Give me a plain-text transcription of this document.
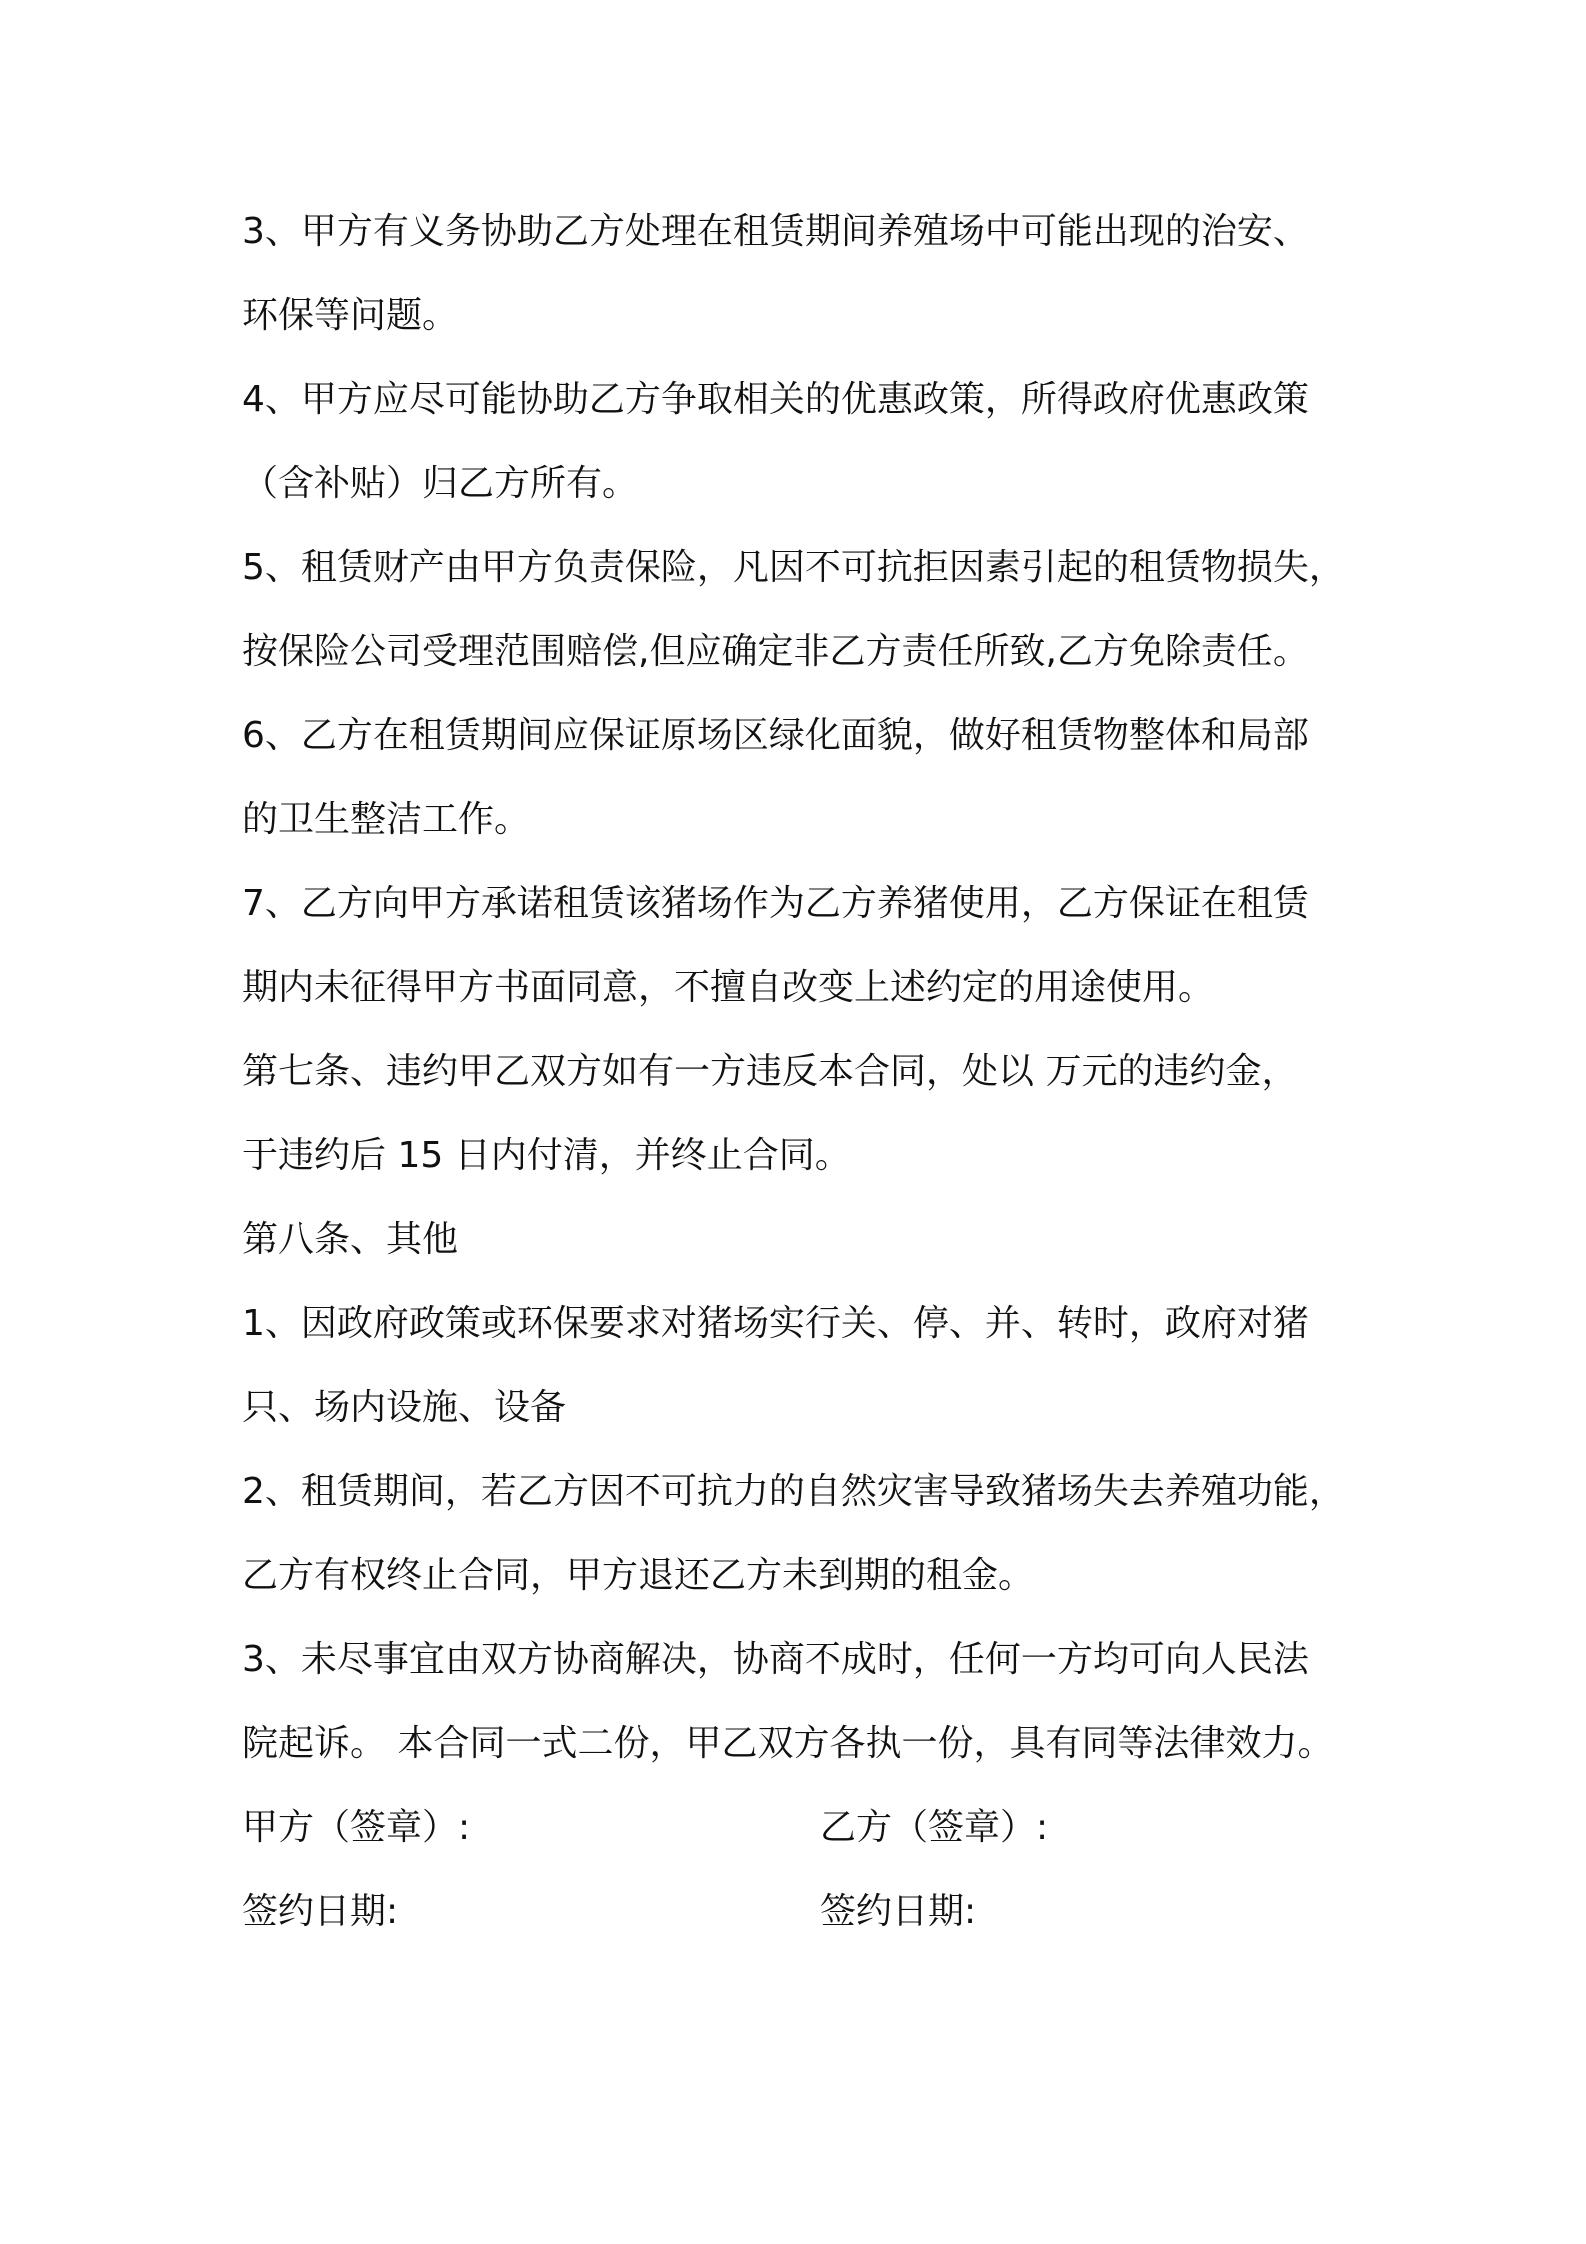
3、甲方有义务协助乙方处理在租赁期间养殖场中可能出现的治安、

环保等问题。

4、甲方应尽可能协助乙方争取相关的优惠政策，所得政府优惠政策

（含补贴）归乙方所有。

5、租赁财产由甲方负责保险，凡因不可抗拒因素引起的租赁物损失，

按保险公司受理范围赔偿,但应确定非乙方责任所致,乙方免除责任。

6、乙方在租赁期间应保证原场区绿化面貌，做好租赁物整体和局部

的卫生整洁工作。

7、乙方向甲方承诺租赁该猪场作为乙方养猪使用，乙方保证在租赁

期内未征得甲方书面同意，不擅自改变上述约定的用途使用。

第七条、违约甲乙双方如有一方违反本合同，处以 万元的违约金，

于违约后 15 日内付清，并终止合同。

第八条、其他

1、因政府政策或环保要求对猪场实行关、停、并、转时，政府对猪

只、场内设施、设备

2、租赁期间，若乙方因不可抗力的自然灾害导致猪场失去养殖功能，

乙方有权终止合同，甲方退还乙方未到期的租金。

3、未尽事宜由双方协商解决，协商不成时，任何一方均可向人民法

院起诉。 本合同一式二份，甲乙双方各执一份，具有同等法律效力。

甲方（签章）:	乙方（签章）:
签约日期:	签约日期:
